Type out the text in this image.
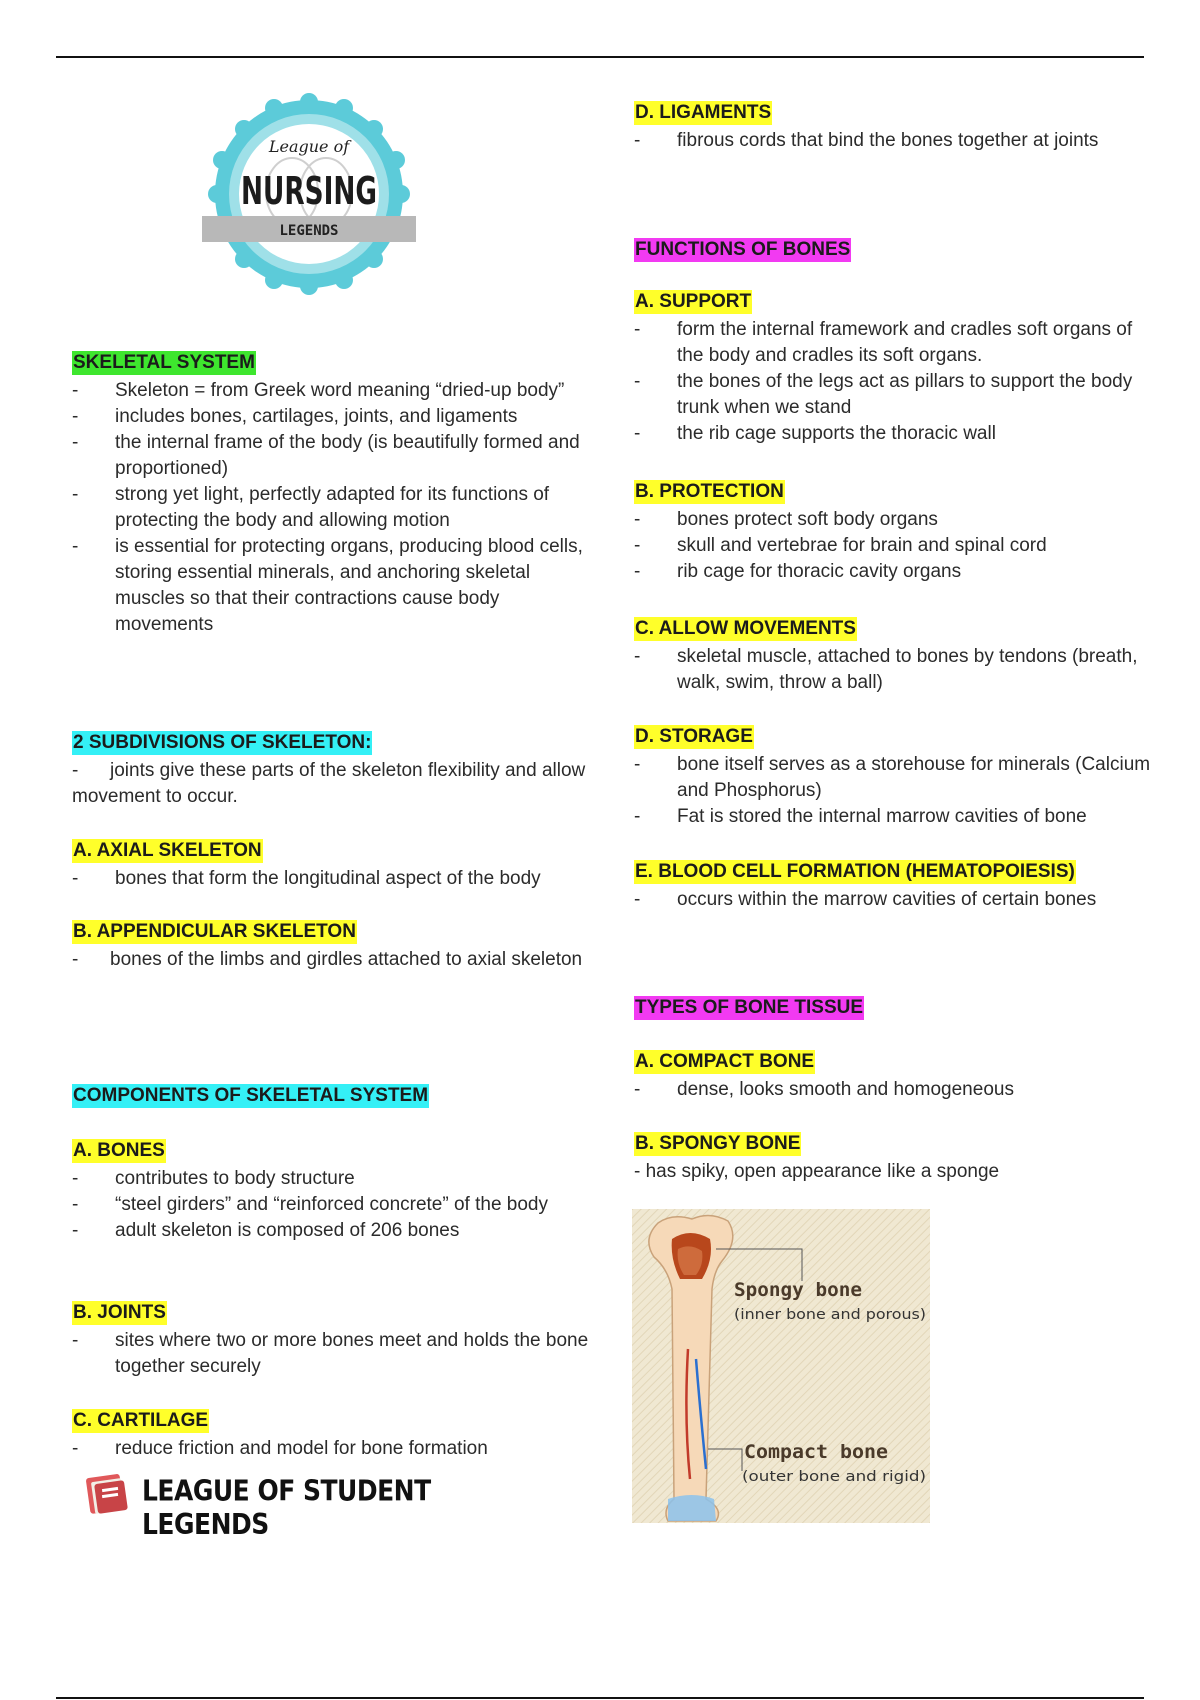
League of
NURSING
LEGENDS
SKELETAL SYSTEM
- Skeleton = from Greek word meaning “dried-up body”
- includes bones, cartilages, joints, and ligaments
- the internal frame of the body (is beautifully formed and proportioned)
- strong yet light, perfectly adapted for its functions of protecting the body and allowing motion
- is essential for protecting organs, producing blood cells, storing essential minerals, and anchoring skeletal muscles so that their contractions cause body movements
2 SUBDIVISIONS OF SKELETON:
-      joints give these parts of the skeleton flexibility and allow movement to occur.
A. AXIAL SKELETON
- bones that form the longitudinal aspect of the body
B. APPENDICULAR SKELETON
-      bones of the limbs and girdles attached to axial skeleton
COMPONENTS OF SKELETAL SYSTEM
A. BONES
- contributes to body structure
- “steel girders” and “reinforced concrete” of the body
- adult skeleton is composed of 206 bones
B. JOINTS
- sites where two or more bones meet and holds the bone together securely
C. CARTILAGE
- reduce friction and model for bone formation
LEAGUE OF STUDENT LEGENDS
D. LIGAMENTS
- fibrous cords that bind the bones together at joints
FUNCTIONS OF BONES
A. SUPPORT
- form the internal framework and cradles soft organs of the body and cradles its soft organs.
- the bones of the legs act as pillars to support the body trunk when we stand
- the rib cage supports the thoracic wall
B. PROTECTION
- bones protect soft body organs
- skull and vertebrae for brain and spinal cord
- rib cage for thoracic cavity organs
C. ALLOW MOVEMENTS
- skeletal muscle, attached to bones by tendons (breath, walk, swim, throw a ball)
D. STORAGE
- bone itself serves as a storehouse for minerals (Calcium and Phosphorus)
- Fat is stored the internal marrow cavities of bone
E. BLOOD CELL FORMATION (HEMATOPOIESIS)
- occurs within the marrow cavities of certain bones
TYPES OF BONE TISSUE
A. COMPACT BONE
- dense, looks smooth and homogeneous
B. SPONGY BONE
- has spiky, open appearance like a sponge
Spongy bone
(inner bone and porous)
Compact bone
(outer bone and rigid)
